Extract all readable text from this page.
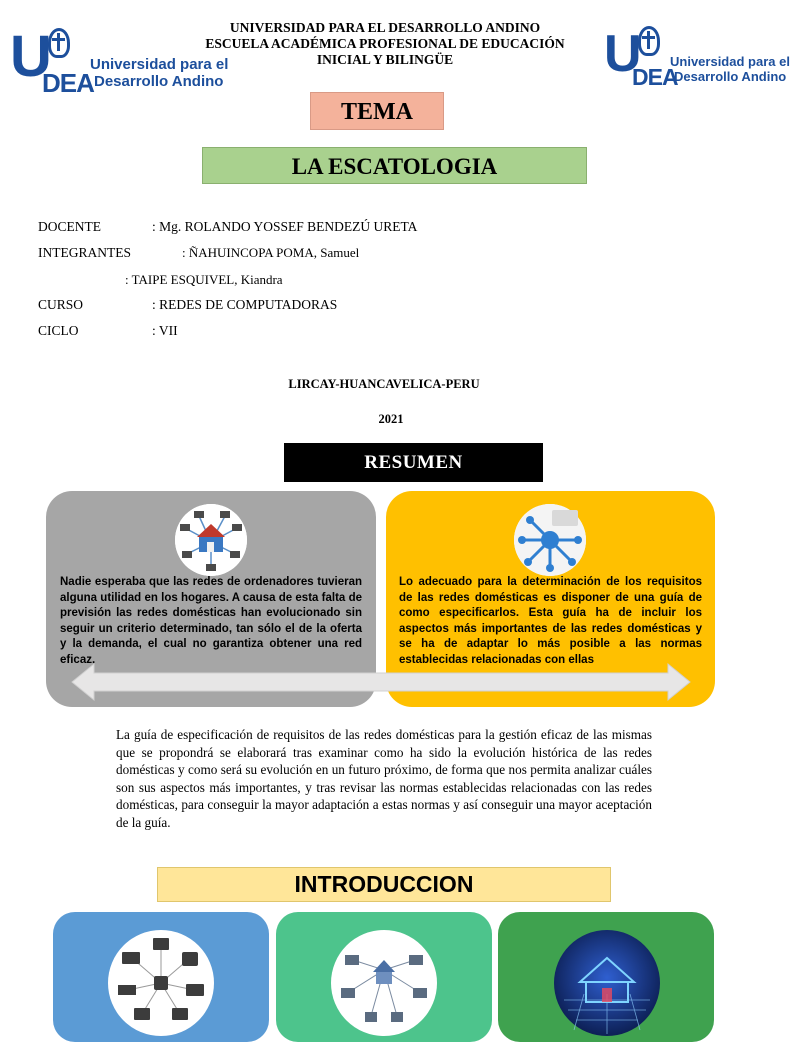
U
DEA
Universidad para el
Desarrollo Andino	U
DEA
Universidad para el
Desarrollo Andino
UNIVERSIDAD PARA EL DESARROLLO ANDINO
ESCUELA ACADÉMICA PROFESIONAL DE EDUCACIÓN
INICIAL Y BILINGÜE
TEMA
LA ESCATOLOGIA
DOCENTE	: Mg. ROLANDO YOSSEF BENDEZÚ URETA
INTEGRANTES	: ÑAHUINCOPA POMA, Samuel
: TAIPE ESQUIVEL, Kiandra
CURSO	: REDES DE COMPUTADORAS
CICLO	: VII
LIRCAY-HUANCAVELICA-PERU
2021
RESUMEN
Nadie esperaba que las redes de ordenadores tuvieran alguna utilidad en los hogares. A causa de esta falta de previsión las redes domésticas han evolucionado sin seguir un criterio determinado, tan sólo el de la oferta y la demanda, el cual no garantiza obtener una red eficaz.
Lo adecuado para la determinación de los requisitos de las redes domésticas es disponer de una guía de como especificarlos. Esta guía ha de incluir los aspectos más importantes de las redes domésticas y se ha de adaptar lo más posible a las normas establecidas relacionadas con ellas
La guía de especificación de requisitos de las redes domésticas para la gestión eficaz de las mismas que se propondrá se elaborará tras examinar como ha sido la evolución histórica de las redes domésticas y como será su evolución en un futuro próximo, de forma que nos permita analizar cuáles son sus aspectos más importantes, y tras revisar las normas establecidas relacionadas con las redes domésticas, para conseguir la mayor adaptación a estas normas y así conseguir una mayor aceptación de la guía.
INTRODUCCION
